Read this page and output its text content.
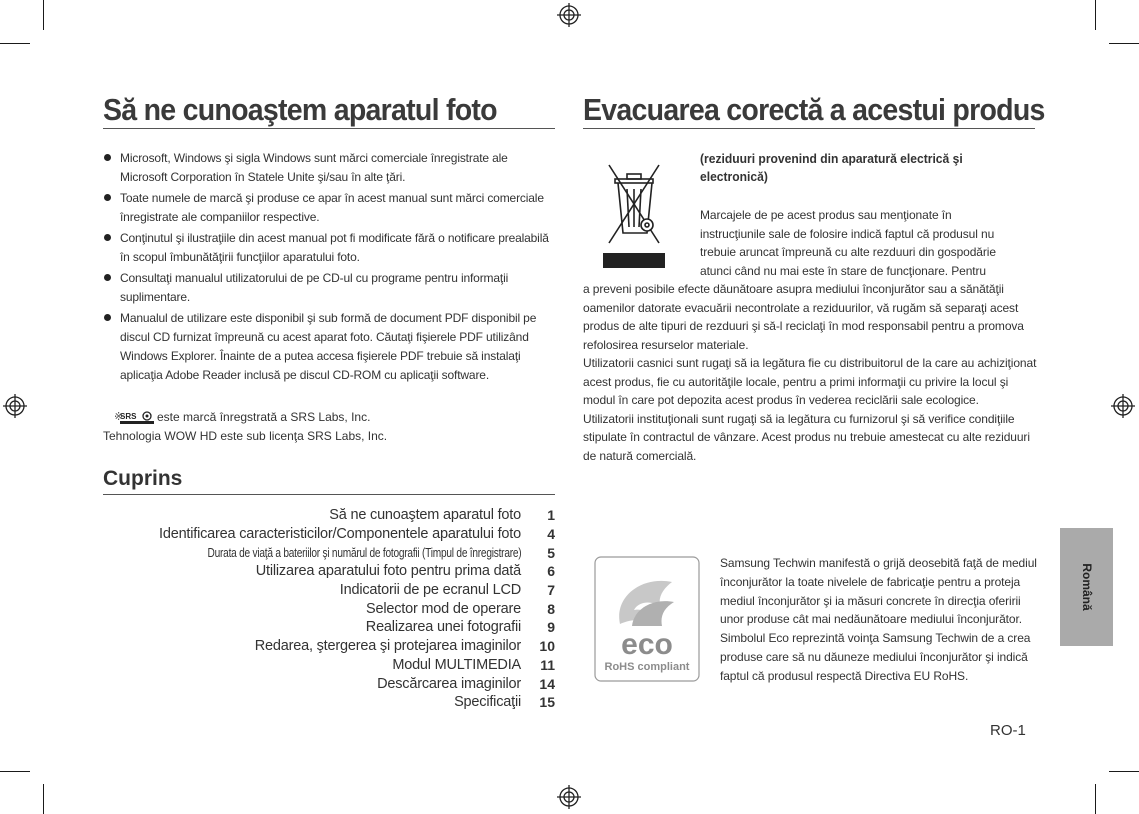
Să ne cunoaştem aparatul foto
Microsoft, Windows şi sigla Windows sunt mărci comerciale înregistrate ale Microsoft Corporation în Statele Unite şi/sau în alte ţări.
Toate numele de marcă şi produse ce apar în acest manual sunt mărci comerciale înregistrate ale companiilor respective.
Conţinutul şi ilustraţiile din acest manual pot fi modificate fără o notificare prealabilă în scopul îmbunătăţirii funcţiilor aparatului foto.
Consultaţi manualul utilizatorului de pe CD-ul cu programe pentru informaţii suplimentare.
Manualul de utilizare este disponibil şi sub formă de document PDF disponibil pe discul CD furnizat împreună cu acest aparat foto. Căutaţi fişierele PDF utilizând Windows Explorer. Înainte de a putea accesa fişierele PDF trebuie să instalaţi aplicaţia Adobe Reader inclusă pe discul CD-ROM cu aplicaţii software.
※
SRS este marcă înregstrată a SRS Labs, Inc.
Tehnologia WOW HD este sub licenţa SRS Labs, Inc.
Cuprins
Să ne cunoaştem aparatul foto	1
Identificarea caracteristicilor/Componentele aparatului foto	4
Durata de viaţă a bateriilor şi numărul de fotografii (Timpul de înregistrare)	5
Utilizarea aparatului foto pentru prima dată	6
Indicatorii de pe ecranul LCD	7
Selector mod de operare	8
Realizarea unei fotografii	9
Redarea, ştergerea şi protejarea imaginilor	10
Modul MULTIMEDIA	11
Descărcarea imaginilor	14
Specificaţii	15
Evacuarea corectă a acestui produs
(reziduuri provenind din aparatură electrică şi electronică)
Marcajele de pe acest produs sau menţionate în
instrucţiunile sale de folosire indică faptul că produsul nu
trebuie aruncat împreună cu alte rezduuri din gospodărie
atunci când nu mai este în stare de funcţionare. Pentru
a preveni posibile efecte dăunătoare asupra mediului înconjurător sau a sănătăţii oamenilor datorate evacuării necontrolate a reziduurilor, vă rugăm să separaţi acest produs de alte tipuri de rezduuri şi să-l reciclaţi în mod responsabil pentru a promova refolosirea resurselor materiale.
Utilizatorii casnici sunt rugaţi să ia legătura fie cu distribuitorul de la care au achiziţionat acest produs, fie cu autorităţile locale, pentru a primi informaţii cu privire la locul şi modul în care pot depozita acest produs în vederea reciclării sale ecologice.
Utilizatorii instituţionali sunt rugaţi să ia legătura cu furnizorul şi să verifice condiţiile stipulate în contractul de vânzare. Acest produs nu trebuie amestecat cu alte reziduuri de natură comercială.
eco
RoHS compliant
Samsung Techwin manifestă o grijă deosebită faţă de mediul înconjurător la toate nivelele de fabricaţie pentru a proteja mediul înconjurător şi ia măsuri concrete în direcţia oferirii unor produse cât mai nedăunătoare mediului înconjurător. Simbolul Eco reprezintă voinţa Samsung Techwin de a crea produse care să nu dăuneze mediului înconjurător şi indică faptul că produsul respectă Directiva EU RoHS.
Română
RO-1
